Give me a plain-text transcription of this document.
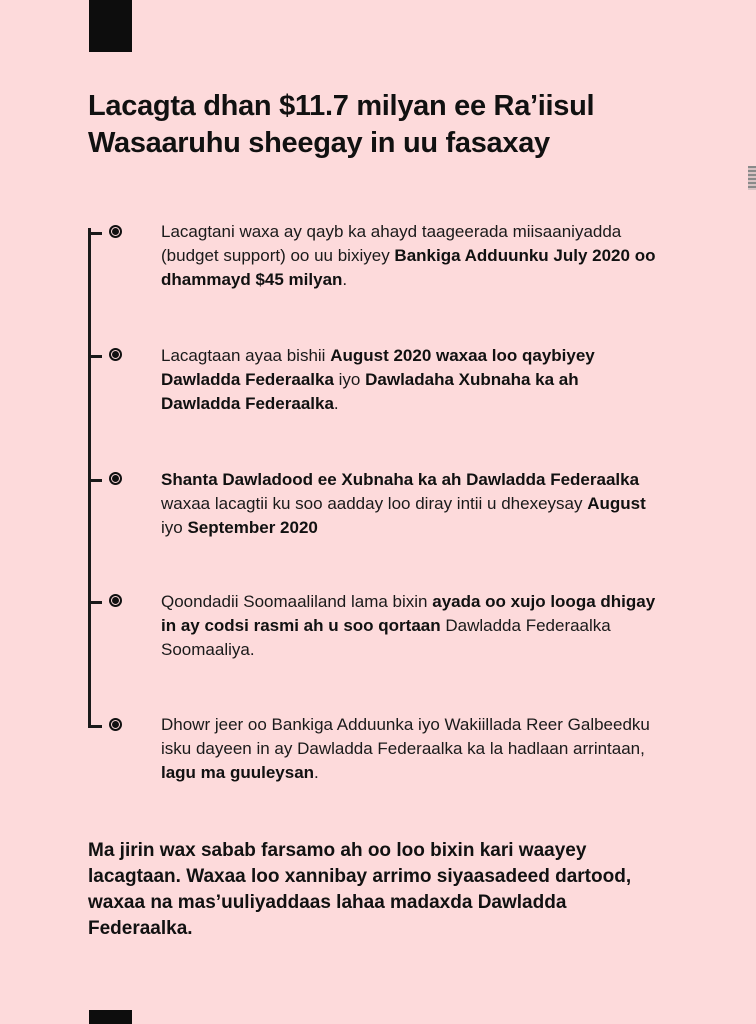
Lacagta dhan $11.7 milyan ee Ra’iisul Wasaaruhu sheegay in uu fasaxay

Lacagtani waxa ay qayb ka ahayd taageerada miisaaniyadda (budget support) oo uu bixiyey Bankiga Adduunku July 2020 oo dhammayd $45 milyan.

Lacagtaan ayaa bishii August 2020 waxaa loo qaybiyey Dawladda Federaalka iyo Dawladaha Xubnaha ka ah Dawladda Federaalka.

Shanta Dawladood ee Xubnaha ka ah Dawladda Federaalka waxaa lacagtii ku soo aadday loo diray intii u dhexeysay August iyo September 2020

Qoondadii Soomaaliland lama bixin ayada oo xujo looga dhigay in ay codsi rasmi ah u soo qortaan Dawladda Federaalka Soomaaliya.

Dhowr jeer oo Bankiga Adduunka iyo Wakiillada Reer Galbeedku isku dayeen in ay Dawladda Federaalka ka la hadlaan arrintaan, lagu ma guuleysan.

Ma jirin wax sabab farsamo ah oo loo bixin kari waayey lacagtaan. Waxaa loo xannibay arrimo siyaasadeed dartood, waxaa na mas’uuliyaddaas lahaa madaxda Dawladda Federaalka.
